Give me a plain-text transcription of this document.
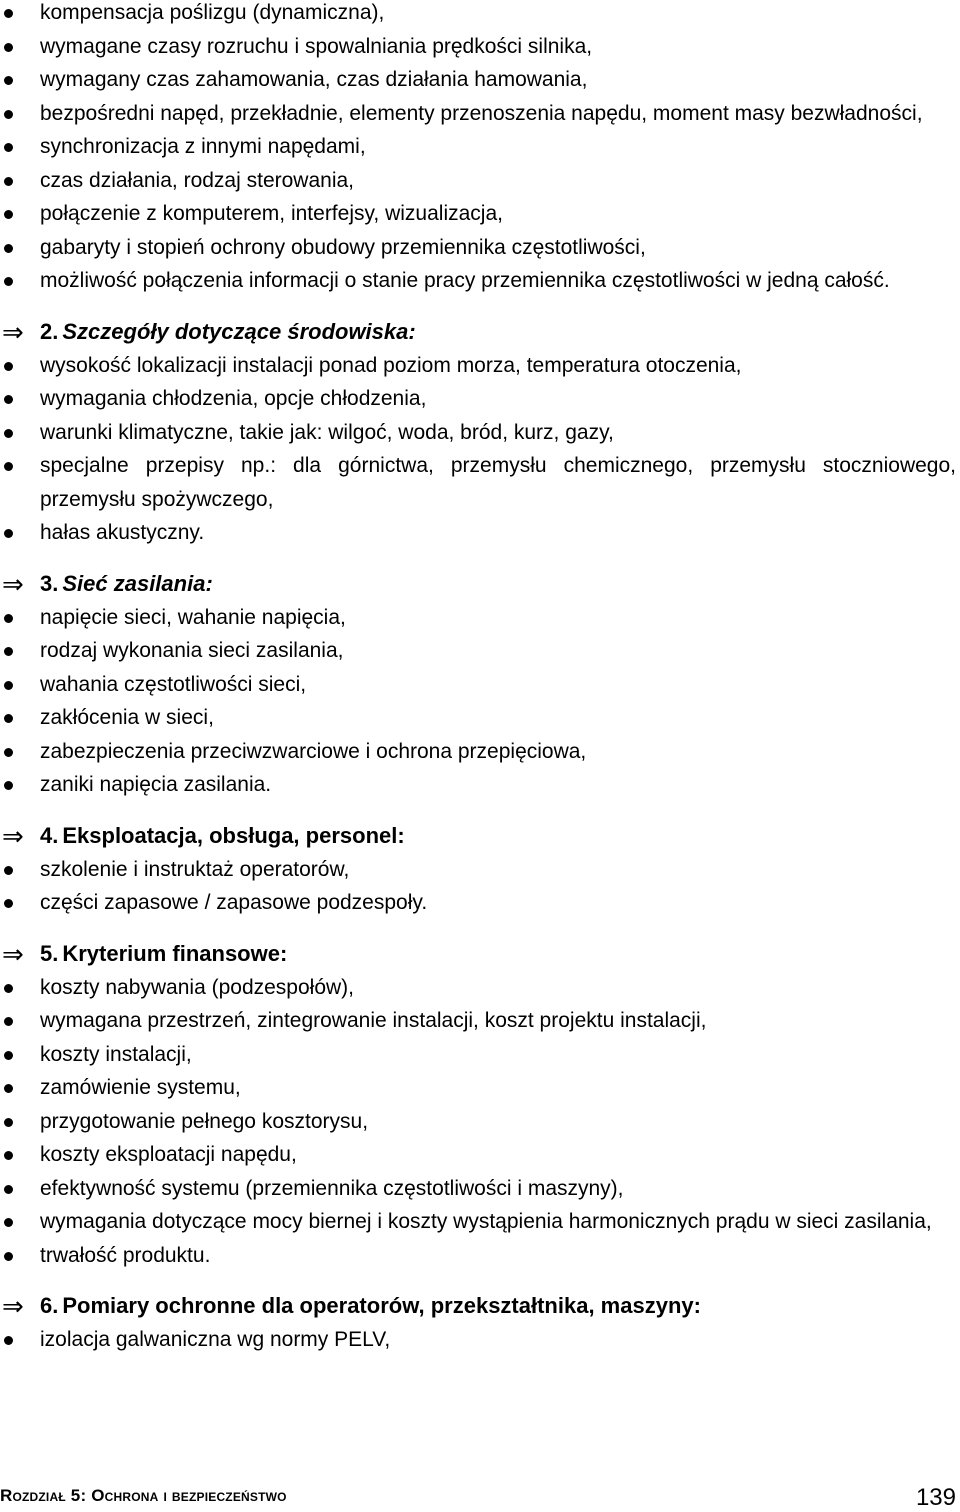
kompensacja poślizgu (dynamiczna),
wymagane czasy rozruchu i spowalniania prędkości silnika,
wymagany czas zahamowania, czas działania hamowania,
bezpośredni napęd, przekładnie, elementy przenoszenia napędu, moment masy bezwładności,
synchronizacja z innymi napędami,
czas działania, rodzaj sterowania,
połączenie z komputerem, interfejsy, wizualizacja,
gabaryty i stopień ochrony obudowy przemiennika częstotliwości,
możliwość połączenia informacji o stanie pracy przemiennika częstotliwości w jedną całość.
⇒ 2. Szczegóły dotyczące środowiska:
wysokość lokalizacji instalacji ponad poziom morza, temperatura otoczenia,
wymagania chłodzenia, opcje chłodzenia,
warunki klimatyczne, takie jak: wilgoć, woda, bród, kurz, gazy,
specjalne przepisy np.: dla górnictwa, przemysłu chemicznego, przemysłu stoczniowego, przemysłu spożywczego,
hałas akustyczny.
⇒ 3. Sieć zasilania:
napięcie sieci, wahanie napięcia,
rodzaj wykonania sieci zasilania,
wahania częstotliwości sieci,
zakłócenia w sieci,
zabezpieczenia przeciwzwarciowe i ochrona przepięciowa,
zaniki napięcia zasilania.
⇒ 4. Eksploatacja, obsługa, personel:
szkolenie i instruktaż operatorów,
części zapasowe / zapasowe podzespoły.
⇒ 5. Kryterium finansowe:
koszty nabywania (podzespołów),
wymagana przestrzeń, zintegrowanie instalacji, koszt projektu instalacji,
koszty instalacji,
zamówienie systemu,
przygotowanie pełnego kosztorysu,
koszty eksploatacji napędu,
efektywność systemu (przemiennika częstotliwości i maszyny),
wymagania dotyczące mocy biernej i koszty wystąpienia harmonicznych prądu w sieci zasilania,
trwałość produktu.
⇒ 6. Pomiary ochronne dla operatorów, przekształtnika, maszyny:
izolacja galwaniczna wg normy PELV,
Rozdział 5: Ochrona i bezpieczeństwo	139
